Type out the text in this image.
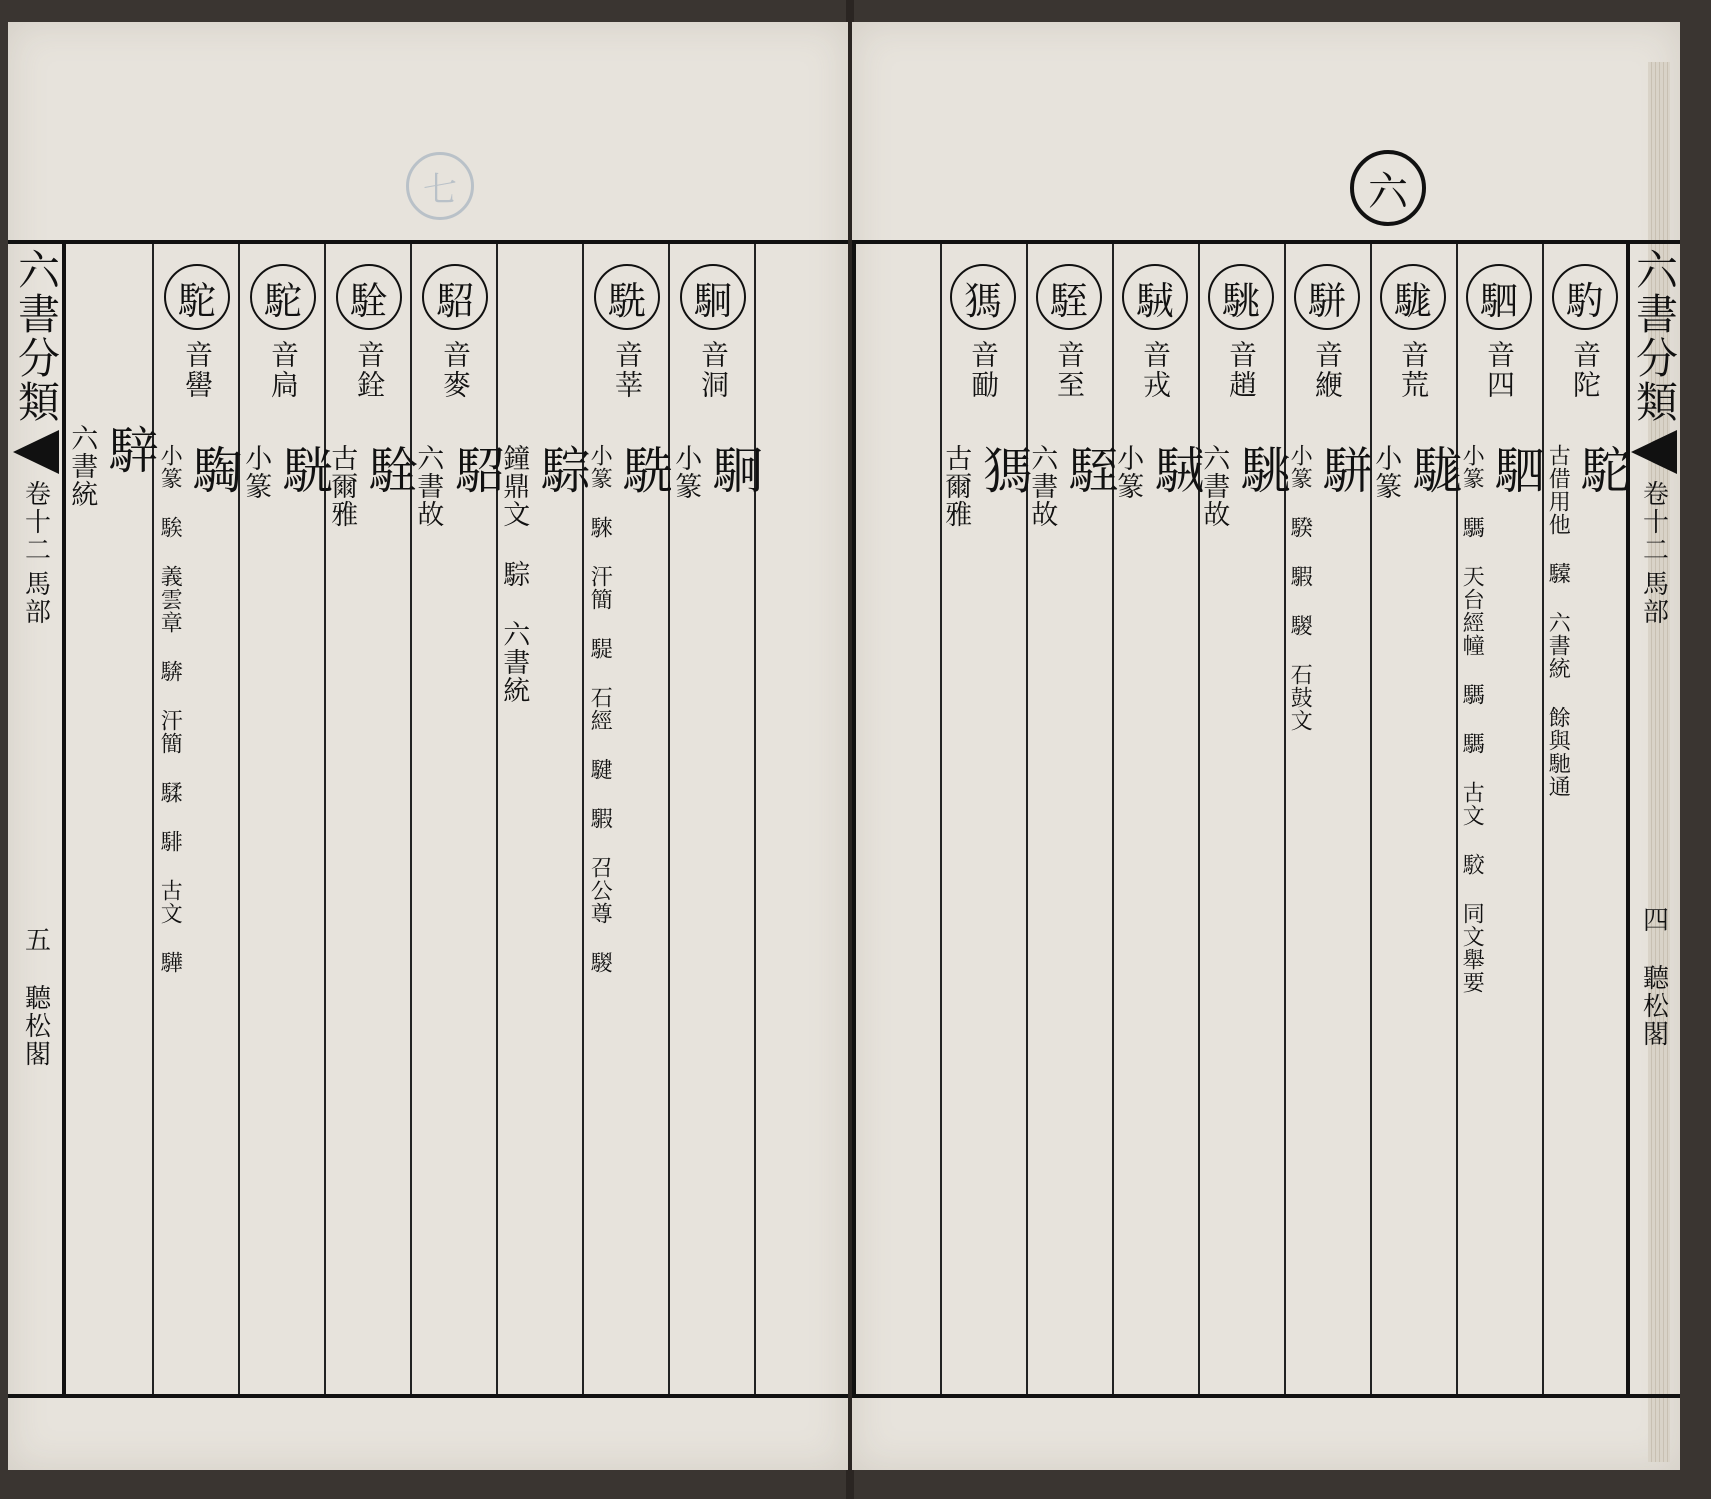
七
六書分類
卷十二
馬部
五
聽松閣
騂
六書統
駝
音嚳
騊
小篆 騃 義雲章 𩣺 汗簡 騥 騑 古文 驊
駝
音扃
駫
小篆
駩
音銓
駩
古爾雅
駋
音麥
駋
六書故 騌
鐘鼎文 騌 六書統
駪
音莘
駪
小篆 騋 汗簡 騠 石經 騝 騢 召公尊 騣
駉
音洞
駉
小篆
六
六書分類
卷十二
馬部
四
聽松閣
馰
音陀
駝
古借用他 驝 六書統 餘與馳通
駟
音四
駟
小篆 騳 天台經幢 騳 騳 古文 駮 同文舉要
駹
音荒
駹
小篆
駢
音緶
駢
小篆 騤 騢 騣 石鼓文
駣
音趙
駣
六書故
駥
音戎
駥
小篆
駤
音至
駤
六書故
獁
音勔
獁
古爾雅
